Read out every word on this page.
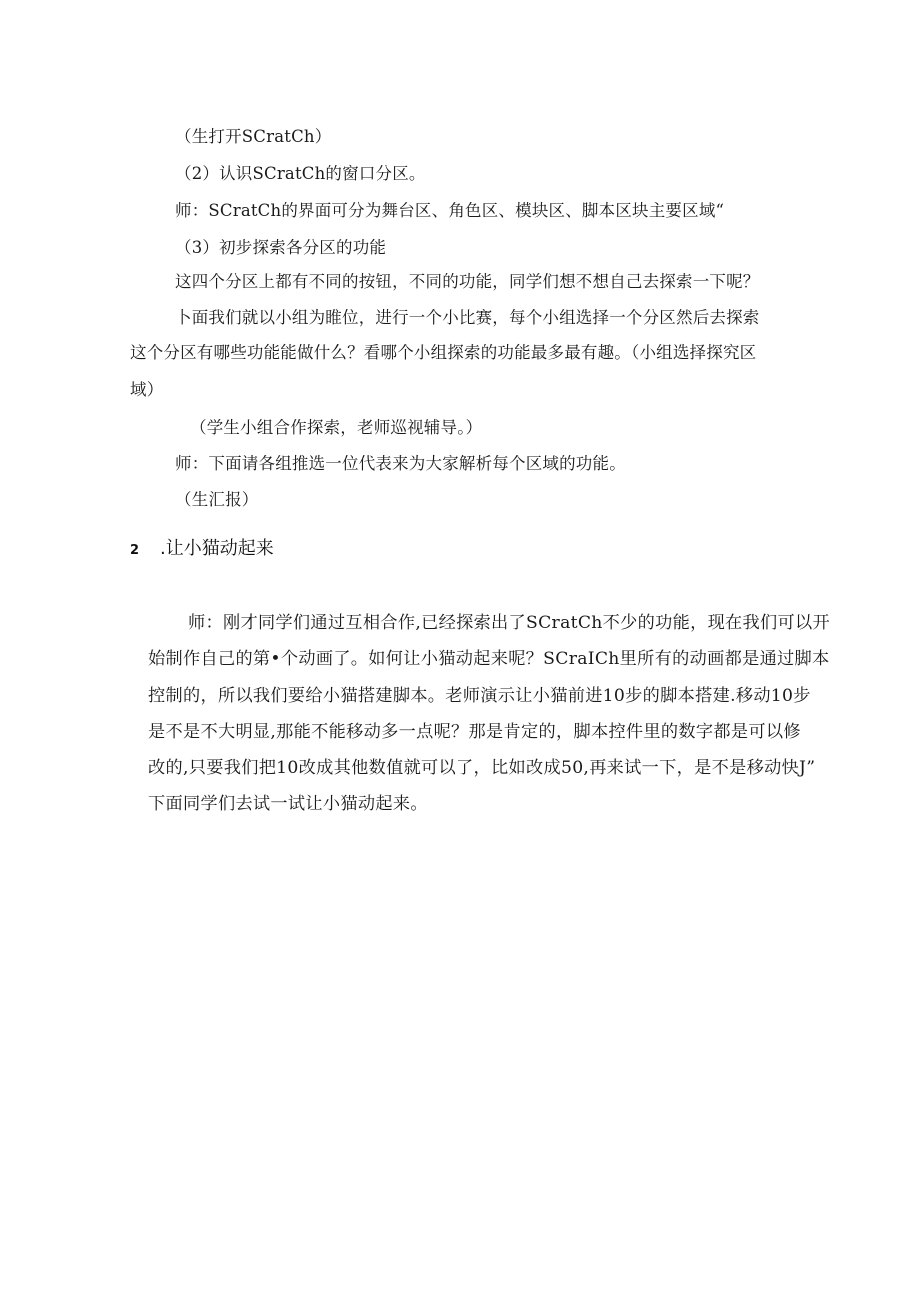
（生打开SCratCh）
（2）认识SCratCh的窗口分区。
师：SCratCh的界面可分为舞台区、角色区、模块区、脚本区块主要区域“
（3）初步探索各分区的功能
这四个分区上都有不同的按钮，不同的功能，同学们想不想自己去探索一下呢？
卜面我们就以小组为睢位，进行一个小比赛，每个小组选择一个分区然后去探索
这个分区有哪些功能能做什么？看哪个小组探索的功能最多最有趣。（小组选择探究区
域）
（学生小组合作探索，老师巡视辅导。）
师：下面请各组推选一位代表来为大家解析每个区域的功能。
（生汇报）
2 .让小猫动起来
师：刚才同学们通过互相合作,已经探索出了SCratCh不少的功能，现在我们可以开
始制作自己的第•个动画了。如何让小猫动起来呢？SCraICh里所有的动画都是通过脚本
控制的，所以我们要给小猫搭建脚本。老师演示让小猫前进10步的脚本搭建.移动10步
是不是不大明显,那能不能移动多一点呢？那是肯定的，脚本控件里的数字都是可以修
改的,只要我们把10改成其他数值就可以了，比如改成50,再来试一下，是不是移动快J”
下面同学们去试一试让小猫动起来。
